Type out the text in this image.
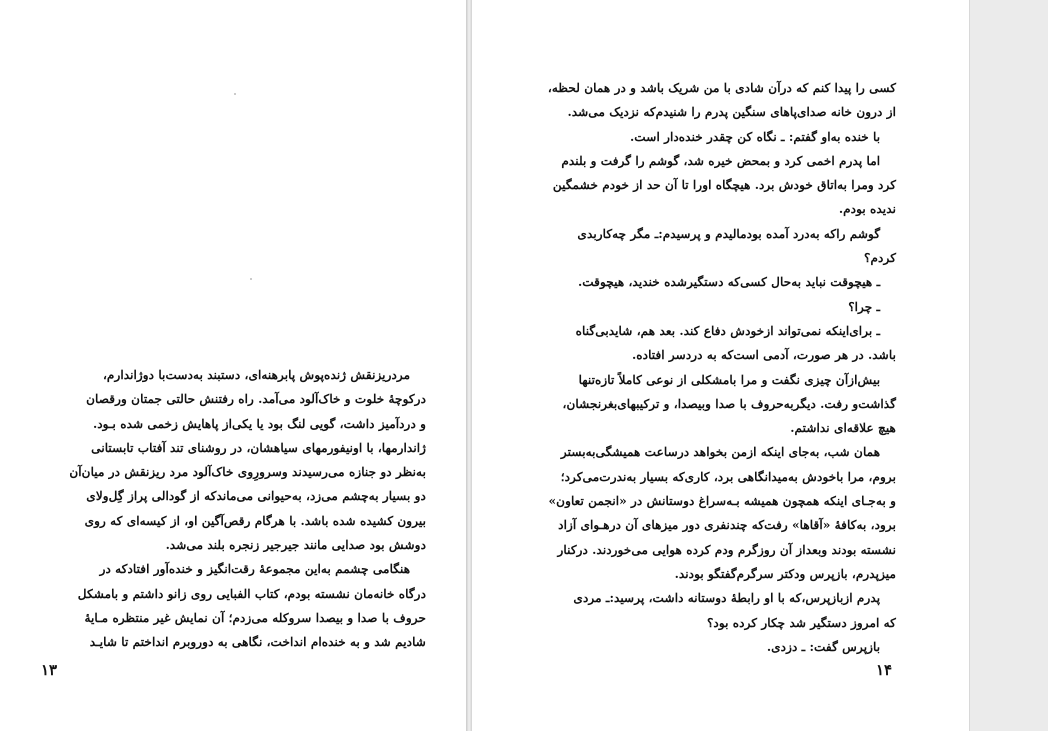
مردریزنقش ژنده‌پوش پابرهنه‌ای، دستبند به‌دست‌با دوژاندارم،

درکوچهٔ خلوت و خاک‌آلود می‌آمد. راه رفتنش حالتی جمتان ورقصان

و دردآمیز داشت، گویی لنگ بود یا یکی‌از پاهایش زخمی شده بـود.

ژاندارمها، با اونیفورمهای سیاهشان، در روشنای تند آفتاب تابستانی

به‌نظر دو جنازه می‌رسیدند وسرورِوی خاک‌آلود مرد ریزنقش در میان‌آن

دو بسیار به‌چشم می‌زد، به‌حیوانی می‌ماندکه از گودالی پراز گِل‌ولای

بیرون کشیده شده باشد. با هرگام رقص‌آگین او، از کیسه‌ای که روی

دوشش بود صدایی مانند جیرجیر زنجره بلند می‌شد.

هنگامی چشمم به‌این مجموعهٔ رقت‌انگیز و خنده‌آور افتادکه در

درگاه خانه‌مان نشسته بودم، کتاب الفبایی روی زانو داشتم و بامشکل

حروف با صدا و بیصدا سروکله می‌زدم؛ آن نمایش غیر منتظره مـایهٔ

شادیم شد و به خنده‌ام انداخت، نگاهی به دوروبرم انداختم تا شایـد

۱۳

کسی را پیدا کنم که درآن شادی با من شریک باشد و در همان لحظه،

از درون خانه صدای‌پاهای سنگین پدرم را شنیدم‌که نزدیک می‌شد.

با خنده به‌او گفتم: ـ نگاه کن چقدر خنده‌دار است.

اما پدرم اخمی کرد و بمحض خیره شد، گوشم را گرفت و بلندم

کرد ومرا به‌اتاق خودش برد. هیچگاه اورا تا آن حد از خودم خشمگین

ندیده بودم.

گوشم راکه به‌درد آمده بودمالیدم و پرسیدم:ـ مگر چه‌کاربدی

کردم؟

ـ هیچوقت نباید به‌حال کسی‌که دستگیرشده خندید، هیچوقت.

ـ چرا؟

ـ برای‌اینکه نمی‌تواند ازخودش دفاع کند. بعد هم، شایدبی‌گناه

باشد. در هر صورت، آدمی است‌که به دردسر افتاده.

بیش‌ازآن چیزی نگفت و مرا بامشکلی از نوعی کاملاً تازه‌تنها

گذاشت‌و رفت. دیگربه‌حروف با صدا وبیصدا، و ترکیبهای‌بغرنجشان،

هیچ علاقه‌ای نداشتم.

همان شب، به‌جای اینکه ازمن بخواهد درساعت همیشگی‌به‌بستر

بروم، مرا باخودش به‌میدانگاهی برد، کاری‌که بسیار به‌ندرت‌می‌کرد؛

و به‌جـای اینکه همچون همیشه بـه‌سراغ دوستانش در «انجمن تعاون»

برود، به‌کافهٔ «آقاها» رفت‌که چندنفری دور میزهای آن درهـوای آزاد

نشسته بودند وبعداز آن روزگرم ودم کرده هوایی می‌خوردند. درکنار

میزپدرم، بازپرس ودکتر سرگرم‌گفتگو بودند.

پدرم ازبازپرس،که با او رابطهٔ دوستانه داشت، پرسید:ـ مردی

که امروز دستگیر شد چکار کرده بود؟

بازپرس گفت: ـ دزدی.

۱۴
